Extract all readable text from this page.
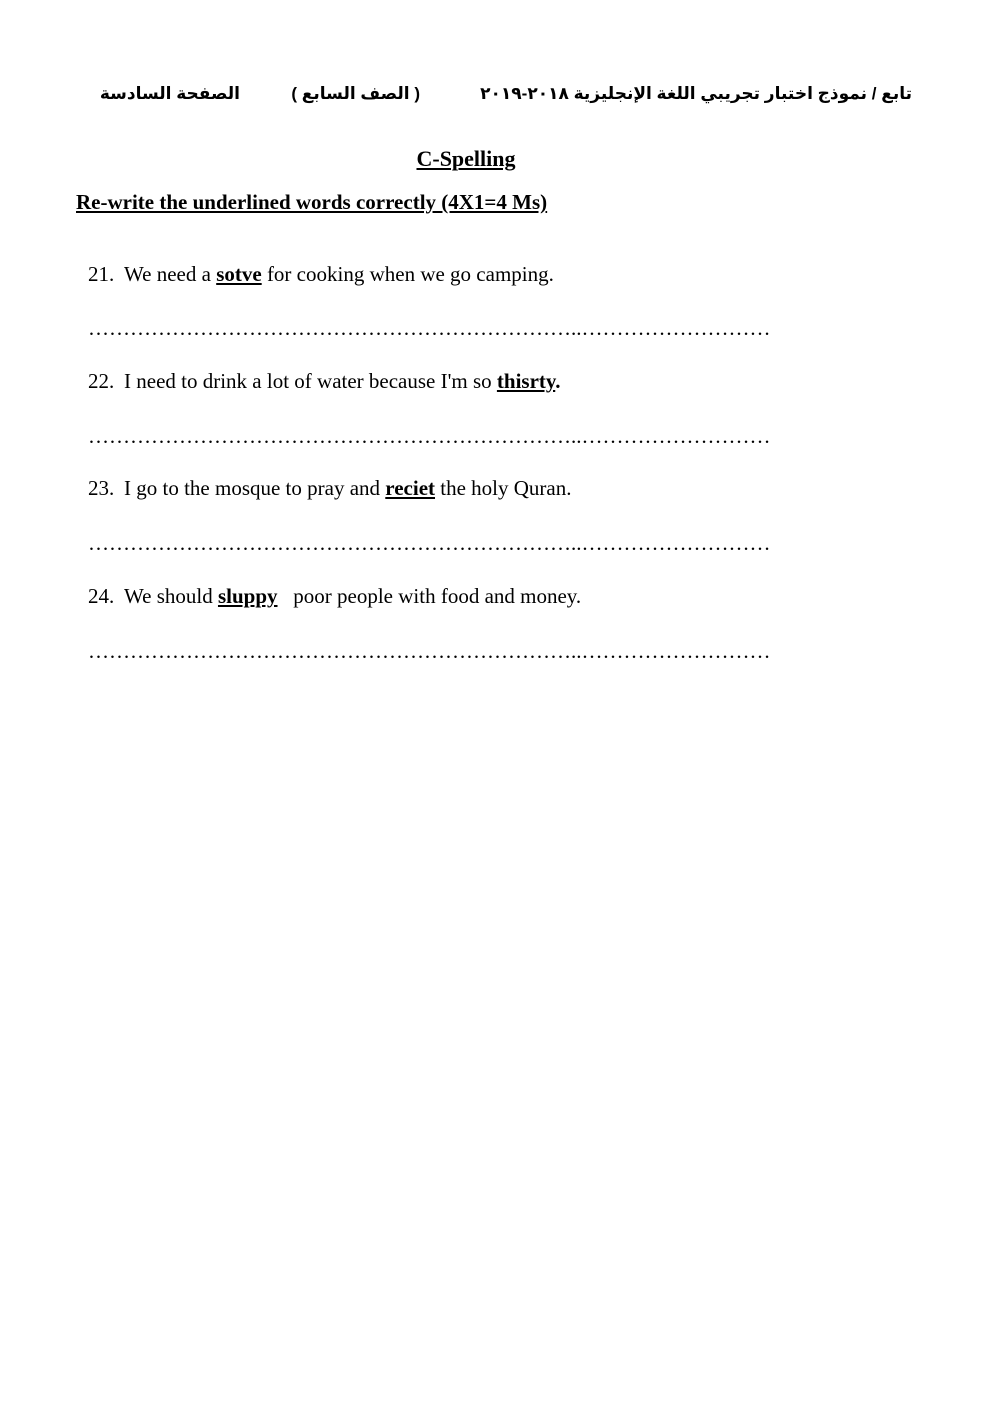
تابع / نموذج اختبار تجريبي اللغة الإنجليزية ٢٠١٨-٢٠١٩
( الصف السابع )
الصفحة السادسة
C-Spelling
Re-write the underlined words correctly (4X1=4 Ms)
21. We need a sotve for cooking when we go camping.
……………………………………………………………..………………………
22. I need to drink a lot of water because I'm so thisrty.
……………………………………………………………..………………………
23. I go to the mosque to pray and reciet the holy Quran.
……………………………………………………………..………………………
24. We should sluppy   poor people with food and money.
……………………………………………………………..………………………
